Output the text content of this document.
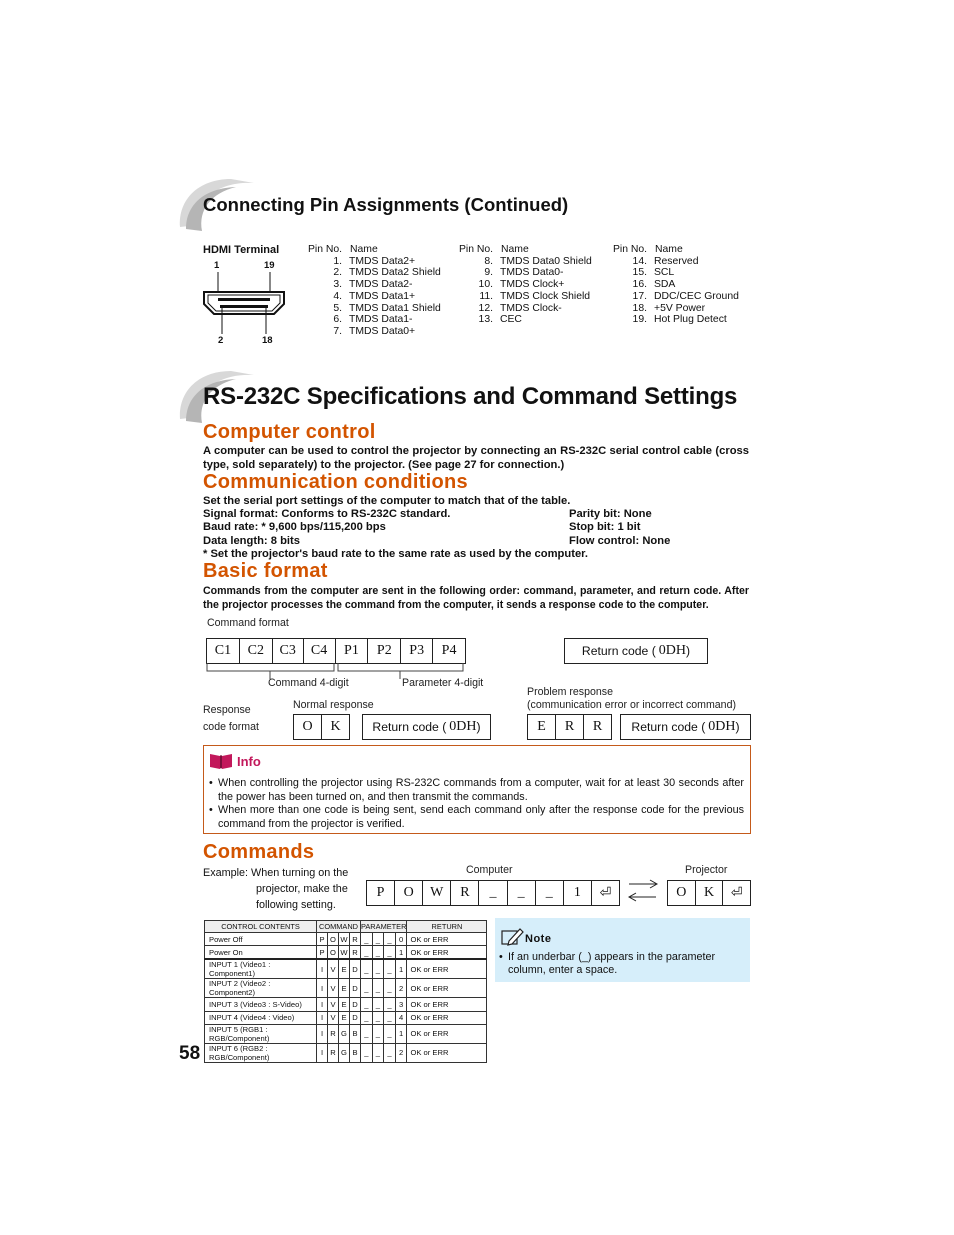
Connecting Pin Assignments (Continued)
HDMI Terminal
1	19
2	18
Pin No. Name
1. TMDS Data2+
2. TMDS Data2 Shield
3. TMDS Data2-
4. TMDS Data1+
5. TMDS Data1 Shield
6. TMDS Data1-
7. TMDS Data0+
Pin No. Name
8. TMDS Data0 Shield
9. TMDS Data0-
10. TMDS Clock+
11. TMDS Clock Shield
12. TMDS Clock-
13. CEC
Pin No. Name
14. Reserved
15. SCL
16. SDA
17. DDC/CEC Ground
18. +5V Power
19. Hot Plug Detect
RS-232C Specifications and Command Settings
Computer control
A computer can be used to control the projector by connecting an RS-232C serial control cable (cross type, sold separately) to the projector. (See page 27 for connection.)
Communication conditions
Set the serial port settings of the computer to match that of the table.
Signal format: Conforms to RS-232C standard.
Baud rate: * 9,600 bps/115,200 bps
Data length: 8 bits
Parity bit: None
Stop bit: 1 bit
Flow control: None
* Set the projector's baud rate to the same rate as used by the computer.
Basic format
Commands from the computer are sent in the following order: command, parameter, and return code. After the projector processes the command from the computer, it sends a response code to the computer.
Command format
C1	C2	C3	C4	P1	P2	P3	P4	Return code ( 0DH )
Command 4-digit	Parameter 4-digit
Response
code format
Normal response
O	K	Return code ( 0DH )
Problem response
(communication error or incorrect command)
E	R	R	Return code ( 0DH )
Info
• When controlling the projector using RS-232C commands from a computer, wait for at least 30 seconds after the power has been turned on, and then transmit the commands.
• When more than one code is being sent, send each command only after the response code for the previous command from the projector is verified.
Commands
Example: When turning on the
projector, make the
following setting.
Computer	Projector
P	O	W	R	_	_	_	1	⏎	O	K	⏎
CONTROL CONTENTS	COMMAND				PARAMETER				RETURN
Power Off	P	O	W	R	_	_	_	0	OK or ERR
Power On	P	O	W	R	_	_	_	1	OK or ERR
INPUT 1 (Video1 : Component1)	I	V	E	D	_	_	_	1	OK or ERR
INPUT 2 (Video2 : Component2)	I	V	E	D	_	_	_	2	OK or ERR
INPUT 3 (Video3 : S-Video)	I	V	E	D	_	_	_	3	OK or ERR
INPUT 4 (Video4 : Video)	I	V	E	D	_	_	_	4	OK or ERR
INPUT 5 (RGB1 : RGB/Component)	I	R	G	B	_	_	_	1	OK or ERR
INPUT 6 (RGB2 : RGB/Component)	I	R	G	B	_	_	_	2	OK or ERR
Note
• If an underbar (_) appears in the parameter column, enter a space.
58
